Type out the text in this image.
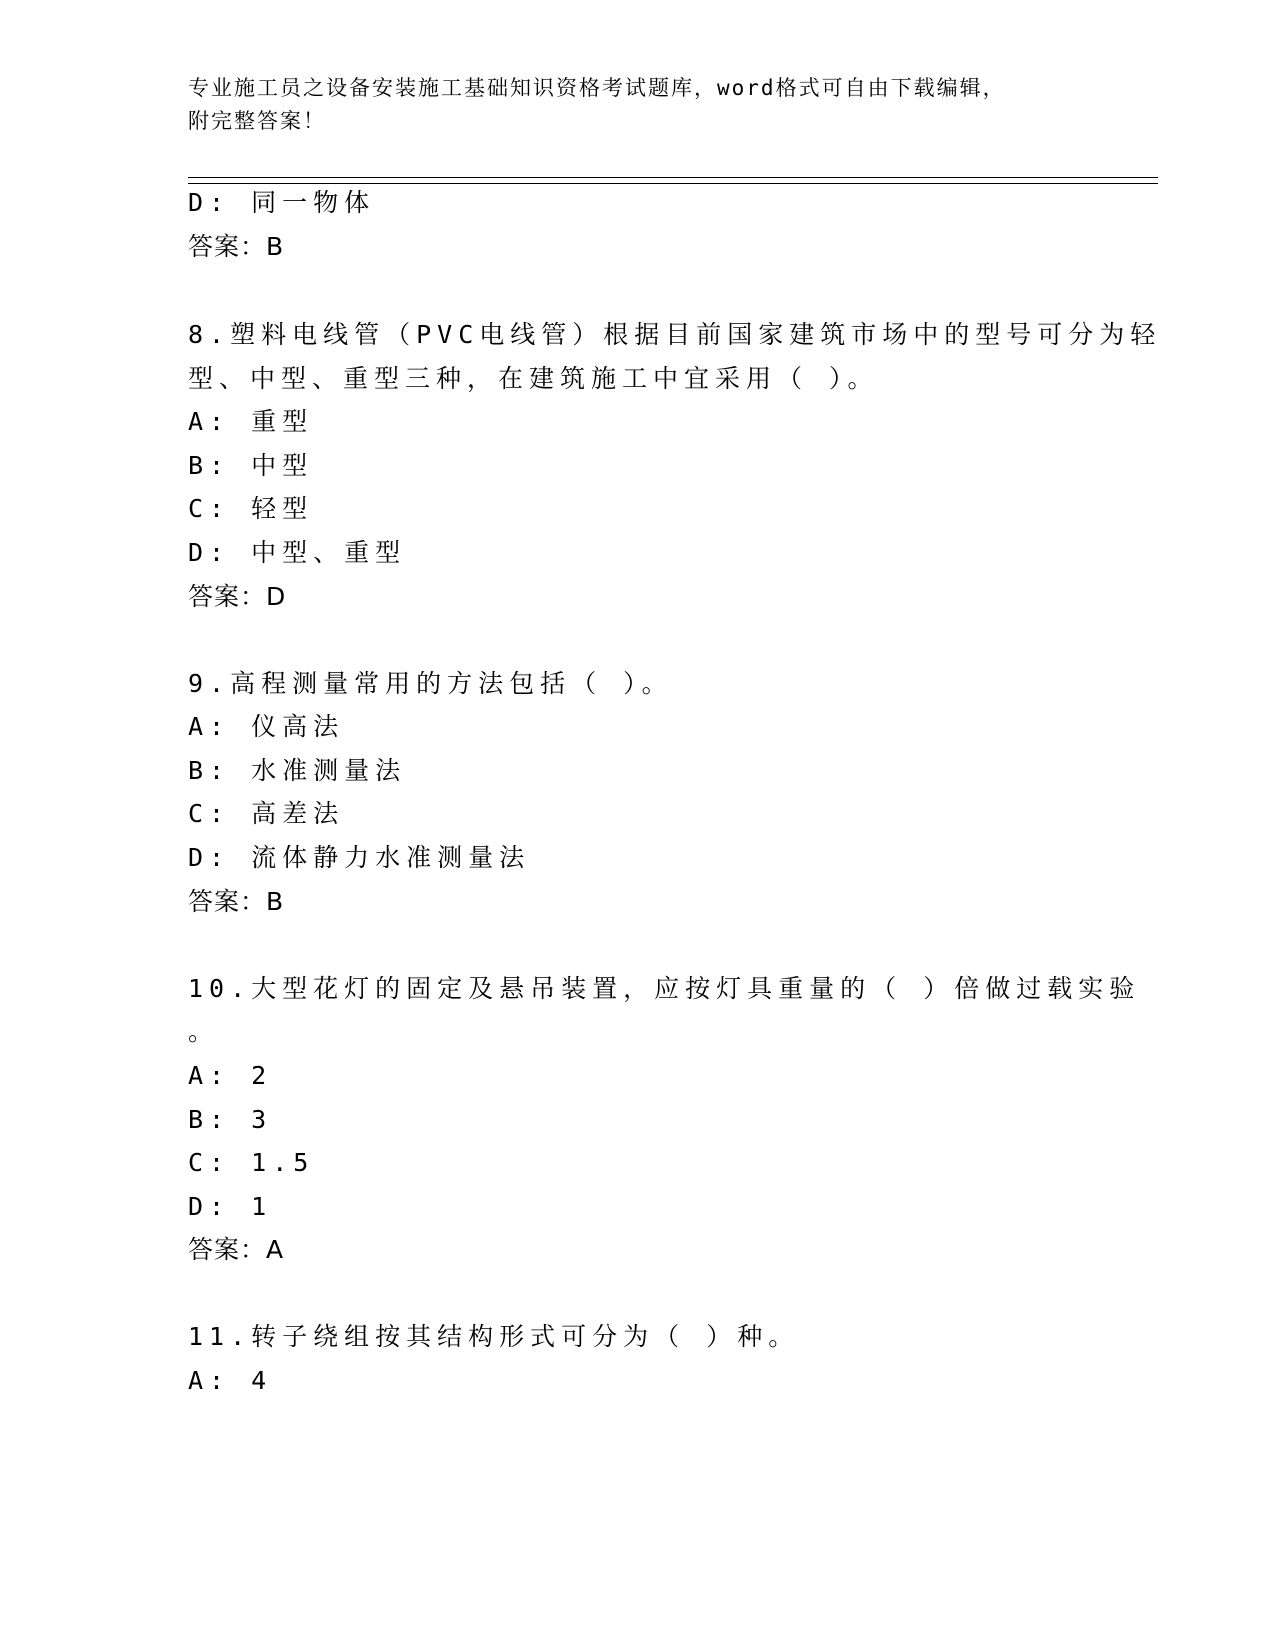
专业施工员之设备安装施工基础知识资格考试题库，word格式可自由下载编辑，
附完整答案！
D: 同一物体
答案：B
8.塑料电线管（PVC电线管）根据目前国家建筑市场中的型号可分为轻
型、中型、重型三种，在建筑施工中宜采用（ ）。
A: 重型
B: 中型
C: 轻型
D: 中型、重型
答案：D
9.高程测量常用的方法包括（ ）。
A: 仪高法
B: 水准测量法
C: 高差法
D: 流体静力水准测量法
答案：B
10.大型花灯的固定及悬吊装置，应按灯具重量的（ ）倍做过载实验
。
A: 2
B: 3
C: 1.5
D: 1
答案：A
11.转子绕组按其结构形式可分为（ ）种。
A: 4
